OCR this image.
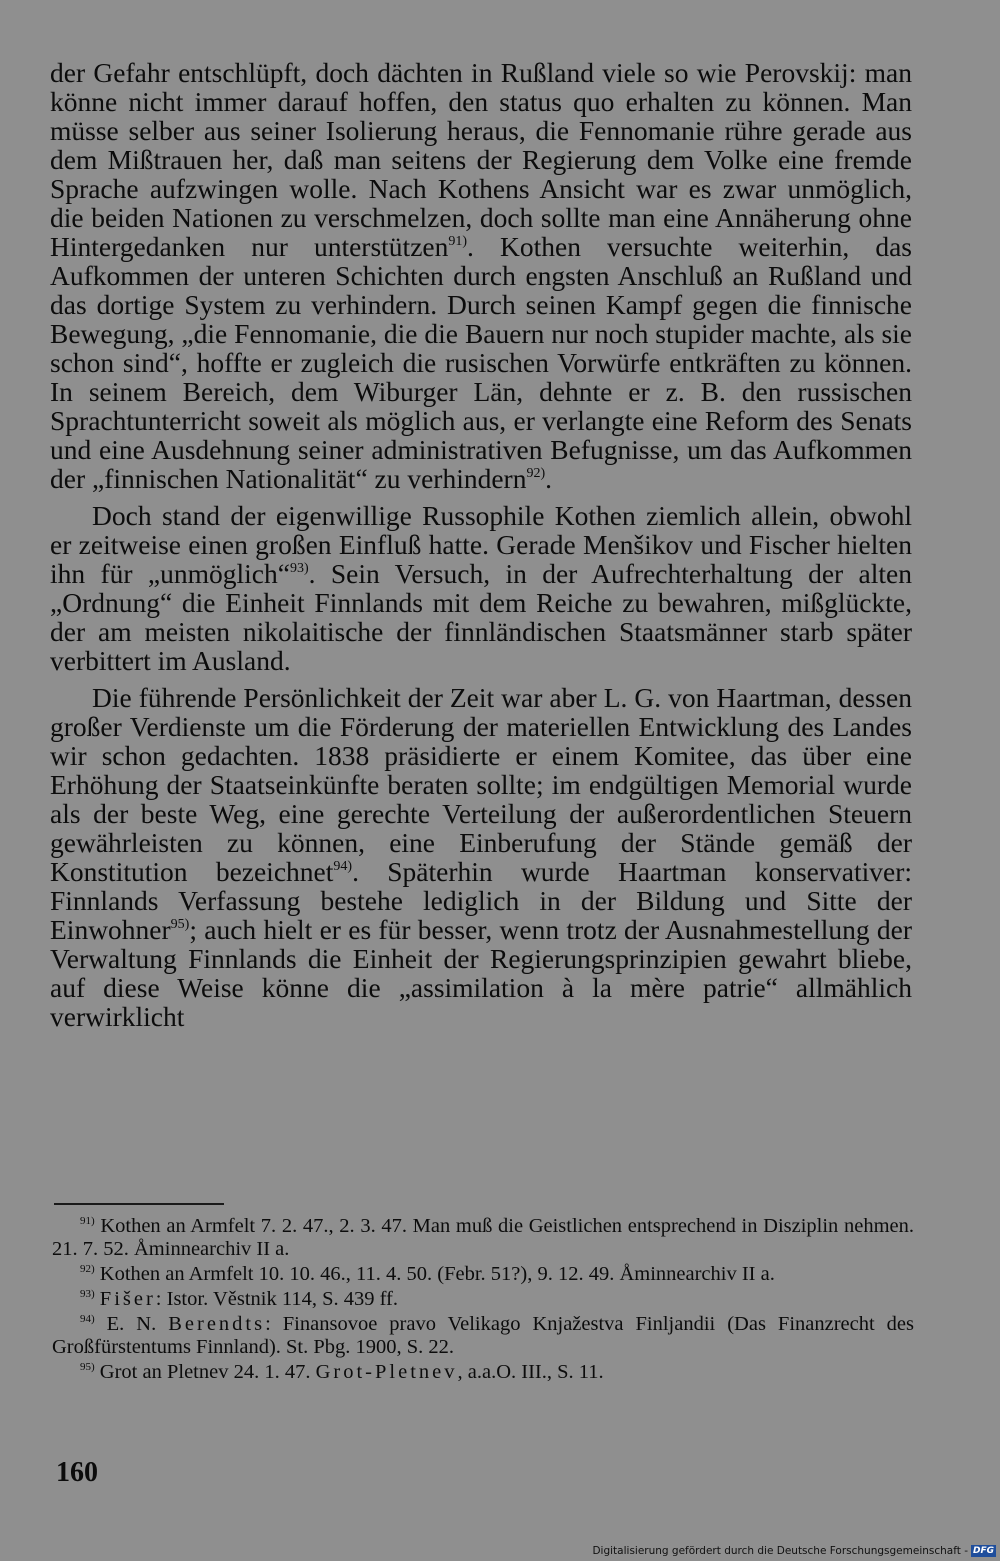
der Gefahr entschlüpft, doch dächten in Rußland viele so wie Perovskij: man könne nicht immer darauf hoffen, den status quo erhalten zu können. Man müsse selber aus seiner Isolierung heraus, die Fennomanie rühre gerade aus dem Mißtrauen her, daß man seitens der Regierung dem Volke eine fremde Sprache aufzwingen wolle. Nach Kothens Ansicht war es zwar unmöglich, die beiden Nationen zu verschmelzen, doch sollte man eine Annäherung ohne Hintergedanken nur unterstützen$^{91)}$. Kothen versuchte weiterhin, das Aufkommen der unteren Schichten durch engsten Anschluß an Rußland und das dortige System zu verhindern. Durch seinen Kampf gegen die finnische Bewegung, „die Fennomanie, die die Bauern nur noch stupider machte, als sie schon sind“, hoffte er zugleich die rusischen Vorwürfe entkräften zu können. In seinem Bereich, dem Wiburger Län, dehnte er z. B. den russischen Sprachtunterricht soweit als möglich aus, er verlangte eine Reform des Senats und eine Ausdehnung seiner administrativen Befugnisse, um das Aufkommen der „finnischen Nationalität“ zu verhindern$^{92)}$.

Doch stand der eigenwillige Russophile Kothen ziemlich allein, obwohl er zeitweise einen großen Einfluß hatte. Gerade Menšikov und Fischer hielten ihn für „unmöglich“$^{93)}$. Sein Versuch, in der Aufrechterhaltung der alten „Ordnung“ die Einheit Finnlands mit dem Reiche zu bewahren, mißglückte, der am meisten nikolaitische der finnländischen Staatsmänner starb später verbittert im Ausland.

Die führende Persönlichkeit der Zeit war aber L. G. von Haartman, dessen großer Verdienste um die Förderung der materiellen Entwicklung des Landes wir schon gedachten. 1838 präsidierte er einem Komitee, das über eine Erhöhung der Staatseinkünfte beraten sollte; im endgültigen Memorial wurde als der beste Weg, eine gerechte Verteilung der außerordentlichen Steuern gewährleisten zu können, eine Einberufung der Stände gemäß der Konstitution bezeichnet$^{94)}$. Späterhin wurde Haartman konservativer: Finnlands Verfassung bestehe lediglich in der Bildung und Sitte der Einwohner$^{95)}$; auch hielt er es für besser, wenn trotz der Ausnahmestellung der Verwaltung Finnlands die Einheit der Regierungsprinzipien gewahrt bliebe, auf diese Weise könne die „assimilation à la mère patrie“ allmählich verwirklicht

$^{91)}$ Kothen an Armfelt 7. 2. 47., 2. 3. 47. Man muß die Geistlichen entsprechend in Disziplin nehmen. 21. 7. 52. Åminnearchiv II a.

$^{92)}$ Kothen an Armfelt 10. 10. 46., 11. 4. 50. (Febr. 51?), 9. 12. 49. Åminnearchiv II a.

$^{93)}$ Fišer: Istor. Věstnik 114, S. 439 ff.

$^{94)}$ E. N. Berendts: Finansovoe pravo Velikago Knjažestva Finljandii (Das Finanzrecht des Großfürstentums Finnland). St. Pbg. 1900, S. 22.

$^{95)}$ Grot an Pletnev 24. 1. 47. Grot-Pletnev, a.a.O. III., S. 11.

160
Digitalisierung gefördert durch die Deutsche Forschungsgemeinschaft - DFG
